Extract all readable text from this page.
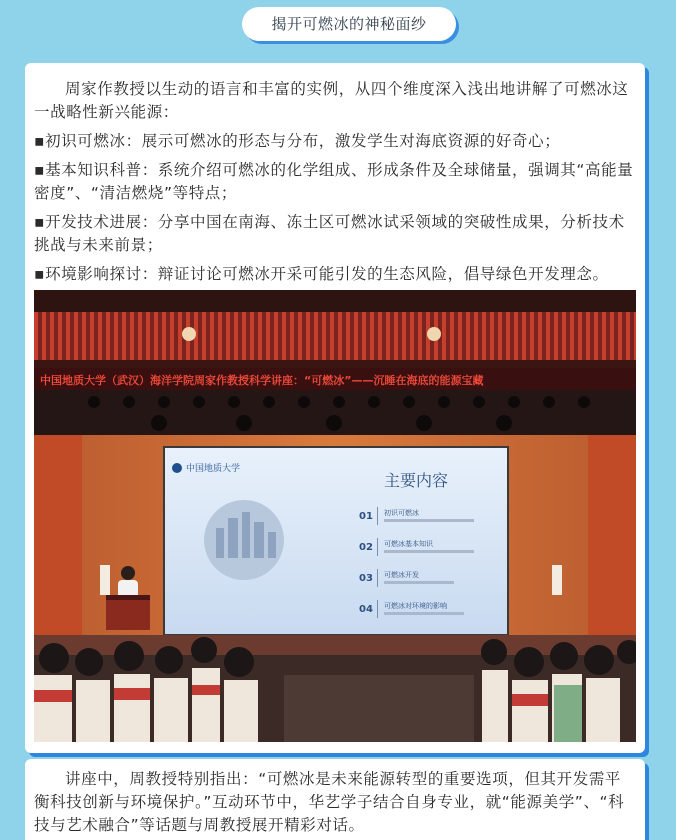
揭开可燃冰的神秘面纱

周家作教授以生动的语言和丰富的实例，从四个维度深入浅出地讲解了可燃冰这一战略性新兴能源：

▪初识可燃冰：展示可燃冰的形态与分布，激发学生对海底资源的好奇心；

▪基本知识科普：系统介绍可燃冰的化学组成、形成条件及全球储量，强调其“高能量密度”、“清洁燃烧”等特点；

▪开发技术进展：分享中国在南海、冻土区可燃冰试采领域的突破性成果，分析技术挑战与未来前景；

▪环境影响探讨：辩证讨论可燃冰开采可能引发的生态风险，倡导绿色开发理念。

中国地质大学（武汉）海洋学院周家作教授科学讲座：“可燃冰”——沉睡在海底的能源宝藏
中国地质大学
主要内容
01 初识可燃冰
02 可燃冰基本知识
03 可燃冰开发
04 可燃冰对环境的影响

讲座中，周教授特别指出：“可燃冰是未来能源转型的重要选项，但其开发需平衡科技创新与环境保护。”互动环节中，华艺学子结合自身专业，就“能源美学”、“科技与艺术融合”等话题与周教授展开精彩对话。
